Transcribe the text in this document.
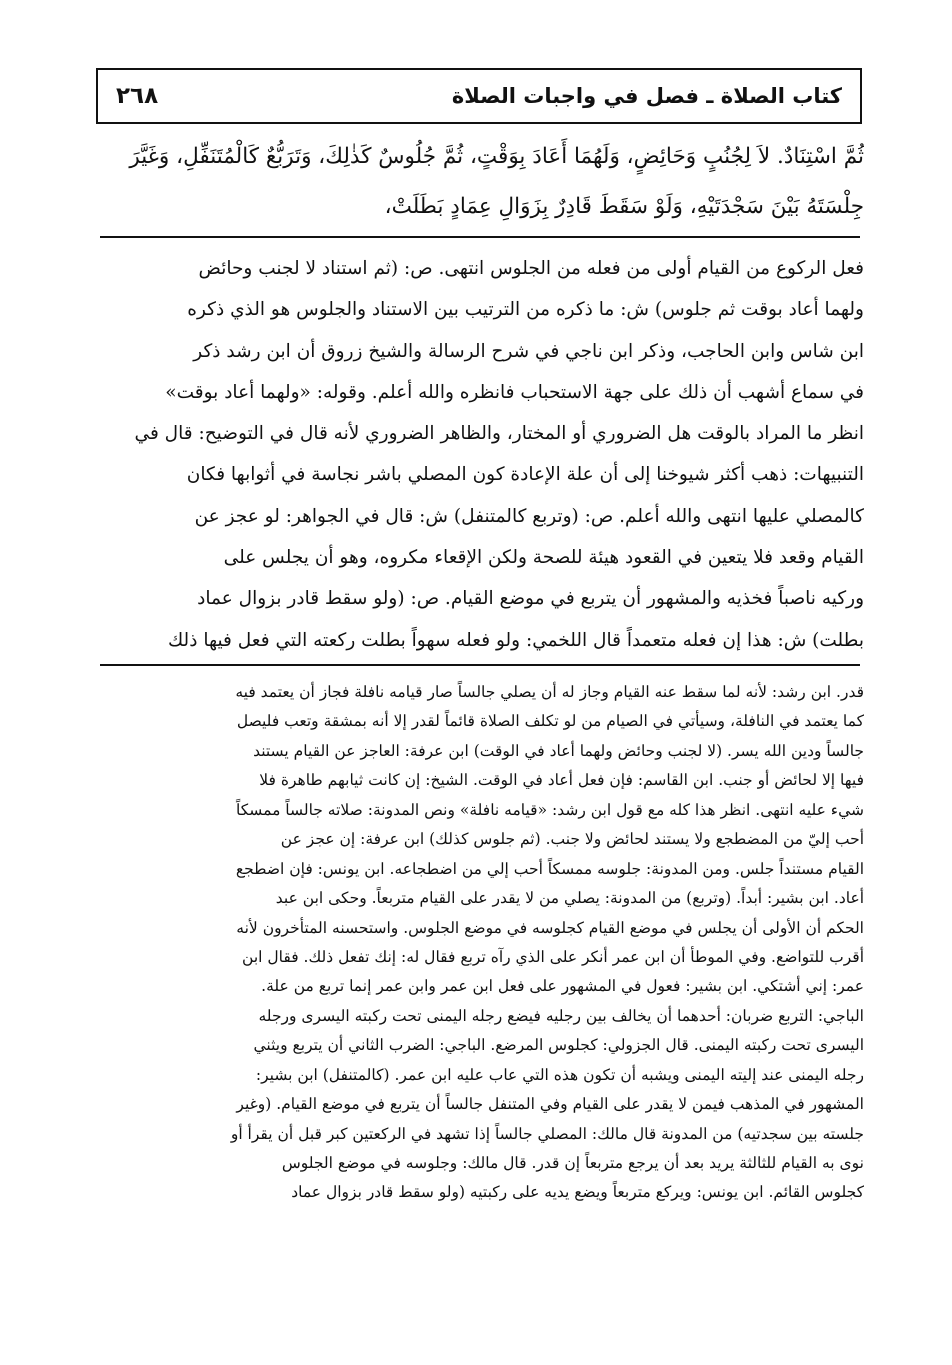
٢٦٨	كتاب الصلاة ـ فصل في واجبات الصلاة

ثُمَّ اسْتِنَادٌ. لاَ لِجُنُبٍ وَحَائِضٍ، وَلَهُمَا أَعَادَ بِوَقْتٍ، ثُمَّ جُلُوسٌ كَذٰلِكَ، وَتَرَبُّعٌ كَالْمُتَنَفِّلِ، وَغَيَّرَ

جِلْسَتَهُ بَيْنَ سَجْدَتَيْهِ، وَلَوْ سَقَطَ قَادِرٌ بِزَوَالِ عِمَادٍ بَطَلَتْ،

فعل الركوع من القيام أولى من فعله من الجلوس انتهى. ص: (ثم استناد لا لجنب وحائض

ولهما أعاد بوقت ثم جلوس) ش: ما ذكره من الترتيب بين الاستناد والجلوس هو الذي ذكره

ابن شاس وابن الحاجب، وذكر ابن ناجي في شرح الرسالة والشيخ زروق أن ابن رشد ذكر

في سماع أشهب أن ذلك على جهة الاستحباب فانظره والله أعلم. وقوله: «ولهما أعاد بوقت»

انظر ما المراد بالوقت هل الضروري أو المختار، والظاهر الضروري لأنه قال في التوضيح: قال في

التنبيهات: ذهب أكثر شيوخنا إلى أن علة الإعادة كون المصلي باشر نجاسة في أثوابها فكان

كالمصلي عليها انتهى والله أعلم. ص: (وتربع كالمتنفل) ش: قال في الجواهر: لو عجز عن

القيام وقعد فلا يتعين في القعود هيئة للصحة ولكن الإقعاء مكروه، وهو أن يجلس على

وركيه ناصباً فخذيه والمشهور أن يتربع في موضع القيام. ص: (ولو سقط قادر بزوال عماد

بطلت) ش: هذا إن فعله متعمداً قال اللخمي: ولو فعله سهواً بطلت ركعته التي فعل فيها ذلك

قدر. ابن رشد: لأنه لما سقط عنه القيام وجاز له أن يصلي جالساً صار قيامه نافلة فجاز أن يعتمد فيه

كما يعتمد في النافلة، وسيأتي في الصيام من لو تكلف الصلاة قائماً لقدر إلا أنه بمشقة وتعب فليصل

جالساً ودين الله يسر. (لا لجنب وحائض ولهما أعاد في الوقت) ابن عرفة: العاجز عن القيام يستند

فيها إلا لحائض أو جنب. ابن القاسم: فإن فعل أعاد في الوقت. الشيخ: إن كانت ثيابهم طاهرة فلا

شيء عليه انتهى. انظر هذا كله مع قول ابن رشد: «قيامه نافلة» ونص المدونة: صلاته جالساً ممسكاً

أحب إليّ من المضطجع ولا يستند لحائض ولا جنب. (ثم جلوس كذلك) ابن عرفة: إن عجز عن

القيام مستنداً جلس. ومن المدونة: جلوسه ممسكاً أحب إلي من اضطجاعه. ابن يونس: فإن اضطجع

أعاد. ابن بشير: أبداً. (وتربع) من المدونة: يصلي من لا يقدر على القيام متربعاً. وحكى ابن عبد

الحكم أن الأولى أن يجلس في موضع القيام كجلوسه في موضع الجلوس. واستحسنه المتأخرون لأنه

أقرب للتواضع. وفي الموطأ أن ابن عمر أنكر على الذي رآه تربع فقال له: إنك تفعل ذلك. فقال ابن

عمر: إني أشتكي. ابن بشير: فعول في المشهور على فعل ابن عمر وابن عمر إنما تربع من علة.

الباجي: التربع ضربان: أحدهما أن يخالف بين رجليه فيضع رجله اليمنى تحت ركبته اليسرى ورجله

اليسرى تحت ركبته اليمنى. قال الجزولي: كجلوس المرضع. الباجي: الضرب الثاني أن يتربع ويثني

رجله اليمنى عند إليته اليمنى ويشبه أن تكون هذه التي عاب عليه ابن عمر. (كالمتنفل) ابن بشير:

المشهور في المذهب فيمن لا يقدر على القيام وفي المتنفل جالساً أن يتربع في موضع القيام. (وغير

جلسته بين سجدتيه) من المدونة قال مالك: المصلي جالساً إذا تشهد في الركعتين كبر قبل أن يقرأ أو

نوى به القيام للثالثة يريد بعد أن يرجع متربعاً إن قدر. قال مالك: وجلوسه في موضع الجلوس

كجلوس القائم. ابن يونس: ويركع متربعاً ويضع يديه على ركبتيه (ولو سقط قادر بزوال عماد
